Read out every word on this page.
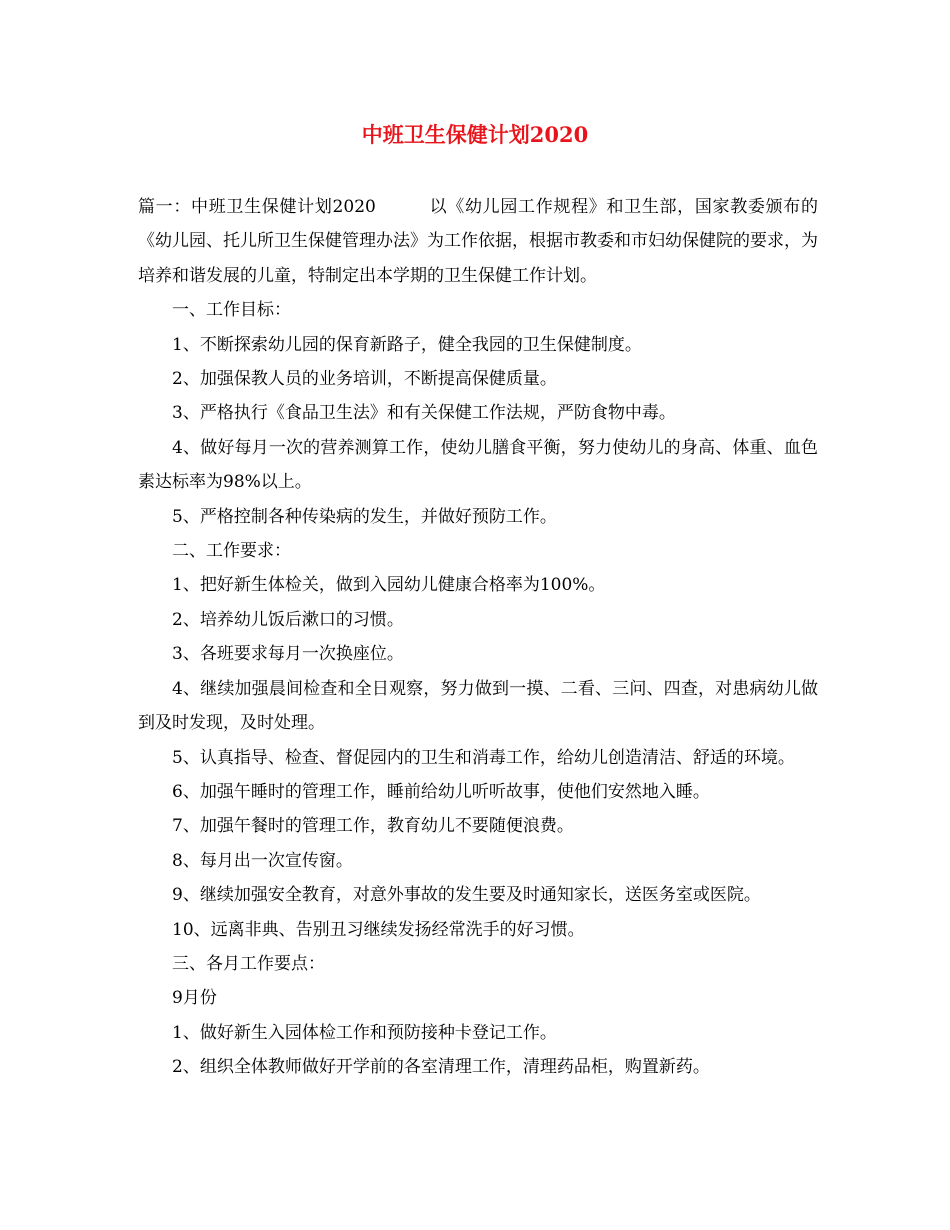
中班卫生保健计划2020

篇一：中班卫生保健计划2020　　　以《幼儿园工作规程》和卫生部，国家教委颁布的《幼儿园、托儿所卫生保健管理办法》为工作依据，根据市教委和市妇幼保健院的要求，为培养和谐发展的儿童，特制定出本学期的卫生保健工作计划。

一、工作目标：

1、不断探索幼儿园的保育新路子，健全我园的卫生保健制度。

2、加强保教人员的业务培训，不断提高保健质量。

3、严格执行《食品卫生法》和有关保健工作法规，严防食物中毒。

4、做好每月一次的营养测算工作，使幼儿膳食平衡，努力使幼儿的身高、体重、血色素达标率为98%以上。

5、严格控制各种传染病的发生，并做好预防工作。

二、工作要求：

1、把好新生体检关，做到入园幼儿健康合格率为100%。

2、培养幼儿饭后漱口的习惯。

3、各班要求每月一次换座位。

4、继续加强晨间检查和全日观察，努力做到一摸、二看、三问、四查，对患病幼儿做到及时发现，及时处理。

5、认真指导、检查、督促园内的卫生和消毒工作，给幼儿创造清洁、舒适的环境。

6、加强午睡时的管理工作，睡前给幼儿听听故事，使他们安然地入睡。

7、加强午餐时的管理工作，教育幼儿不要随便浪费。

8、每月出一次宣传窗。

9、继续加强安全教育，对意外事故的发生要及时通知家长，送医务室或医院。

10、远离非典、告别丑习继续发扬经常洗手的好习惯。

三、各月工作要点：

9月份

1、做好新生入园体检工作和预防接种卡登记工作。

2、组织全体教师做好开学前的各室清理工作，清理药品柜，购置新药。
